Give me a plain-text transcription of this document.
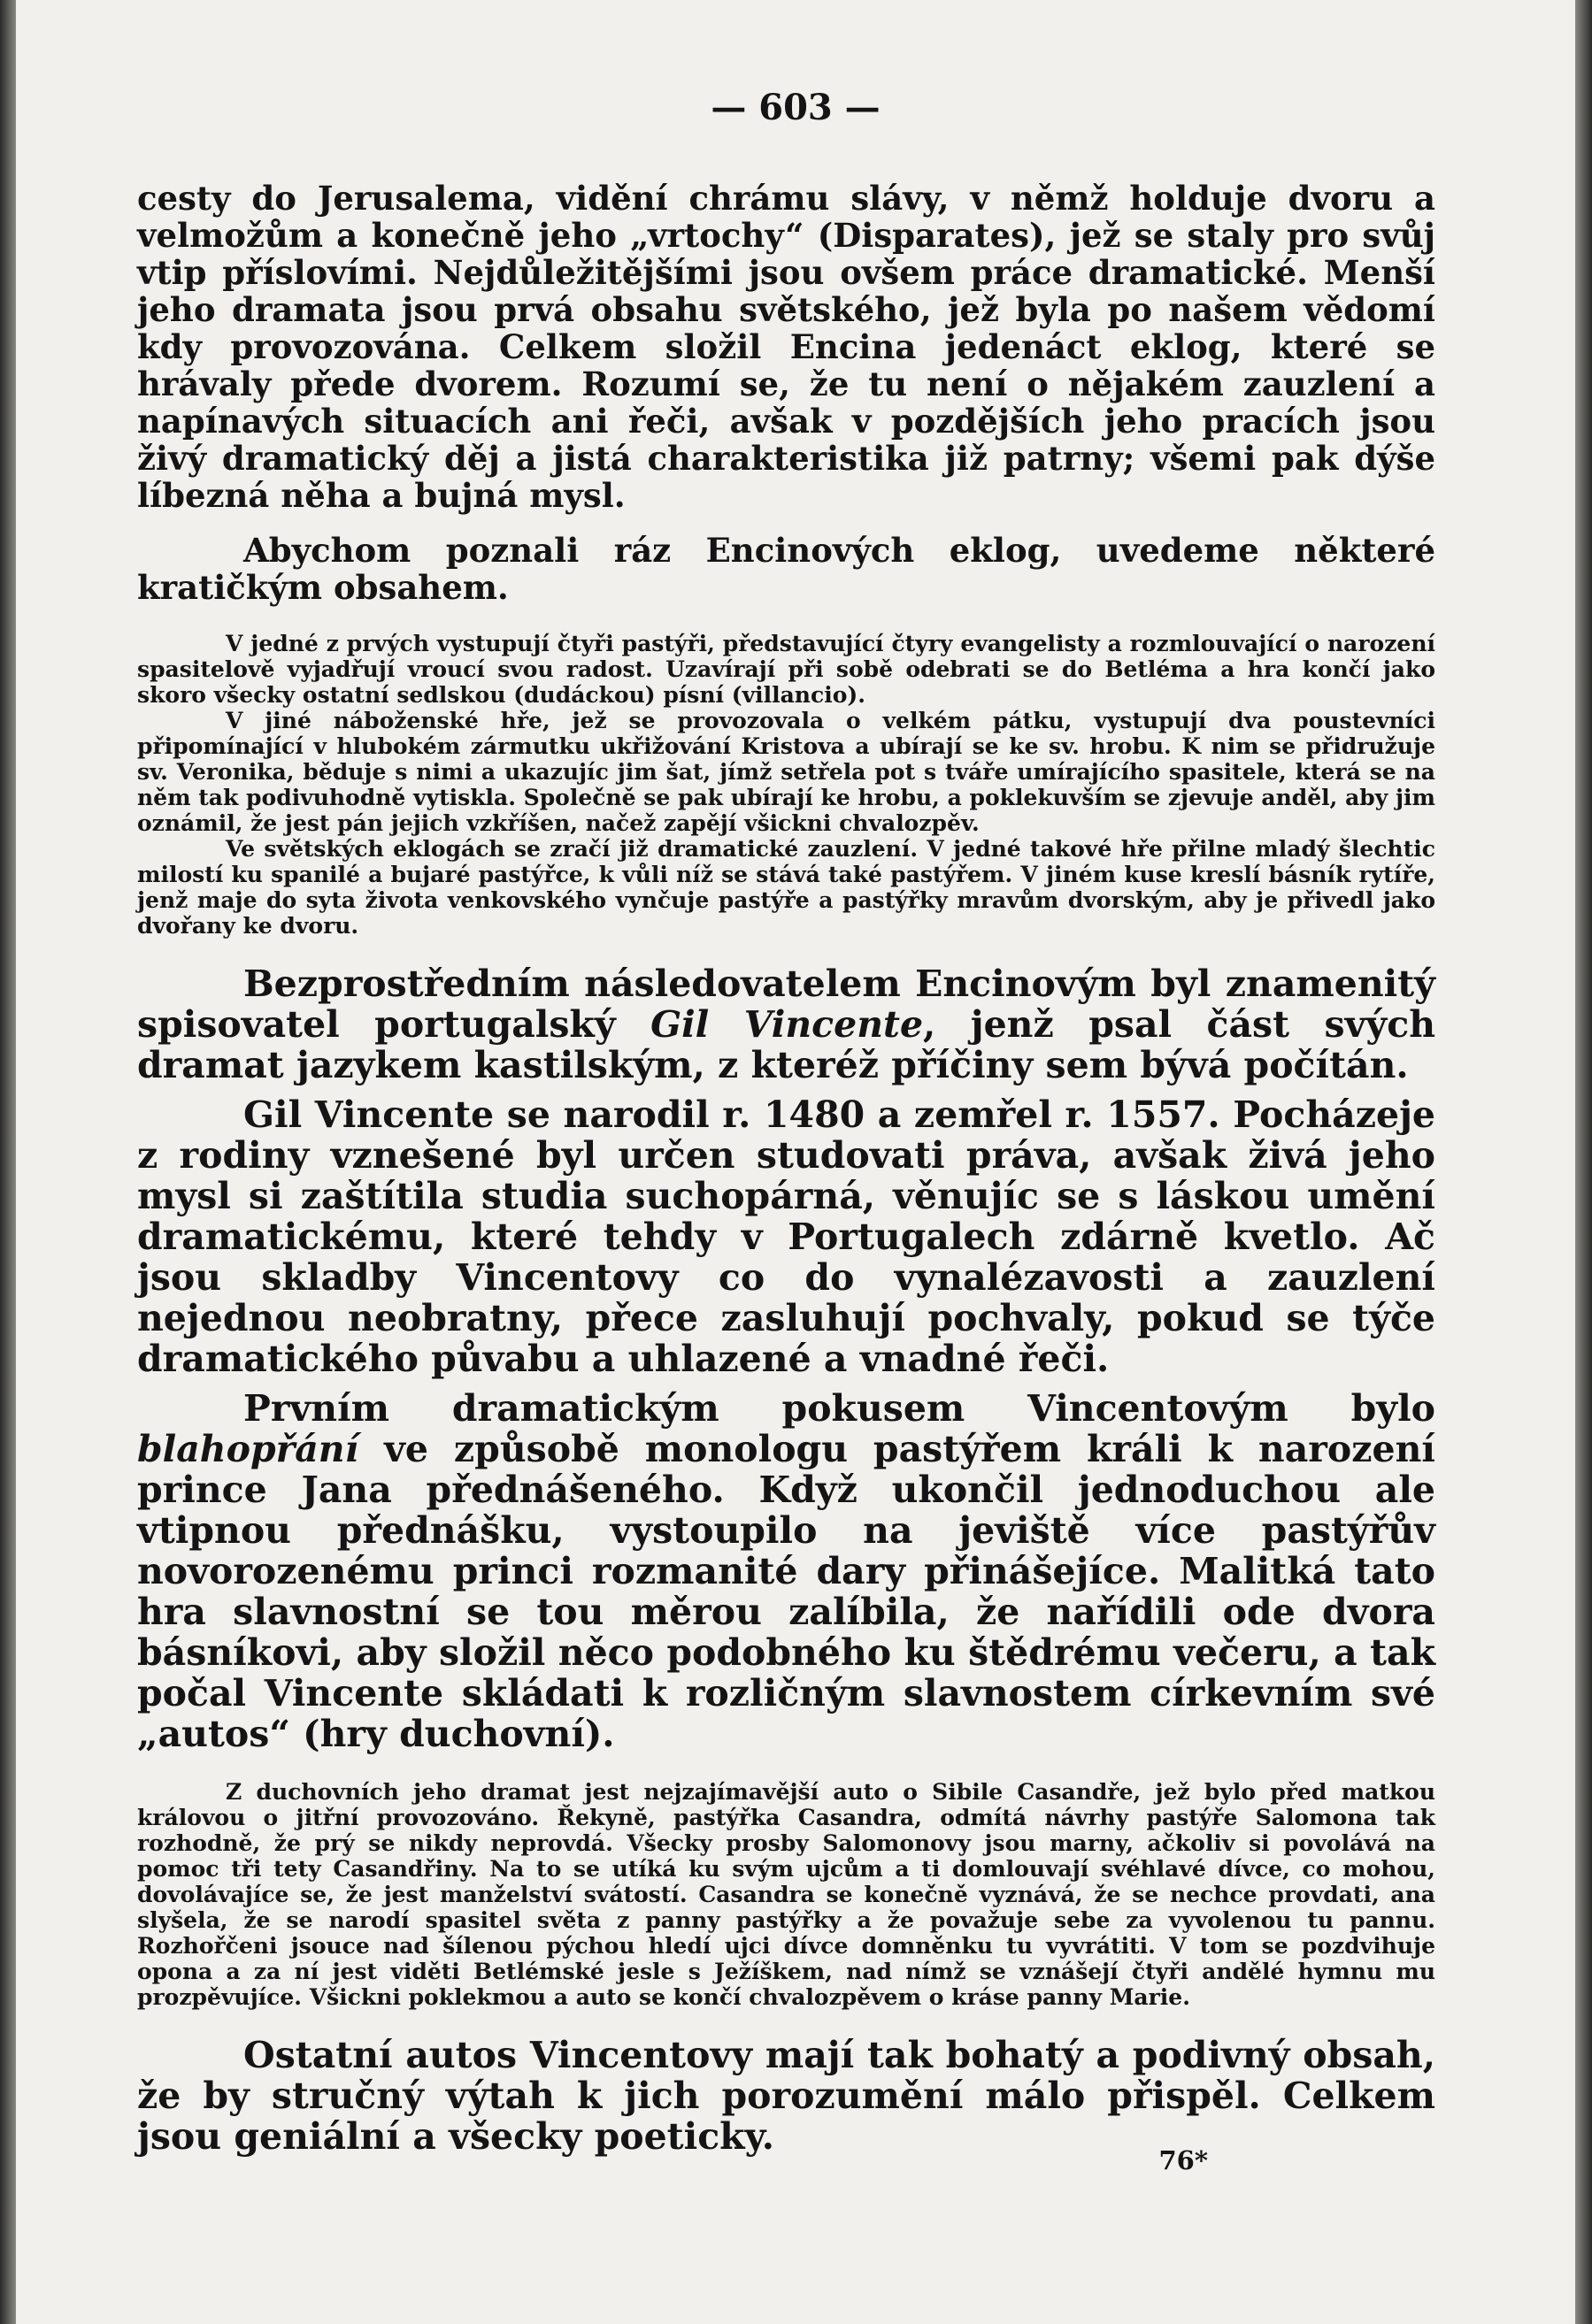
— 603 —

cesty do Jerusalema, vidění chrámu slávy, v němž holduje dvoru a velmožům a konečně jeho „vrtochy“ (Disparates), jež se staly pro svůj vtip příslovími. Nejdůležitějšími jsou ovšem práce dramatické. Menší jeho dramata jsou prvá obsahu světského, jež byla po našem vědomí kdy provozována. Celkem složil Encina jedenáct eklog, které se hrávaly přede dvorem. Rozumí se, že tu není o nějakém zauzlení a napínavých situacích ani řeči, avšak v pozdějších jeho pracích jsou živý dramatický děj a jistá charakteristika již patrny; všemi pak dýše líbezná něha a bujná mysl.

Abychom poznali ráz Encinových eklog, uvedeme některé kratičkým obsahem.

V jedné z prvých vystupují čtyři pastýři, představující čtyry evangelisty a rozmlouvající o narození spasitelově vyjadřují vroucí svou radost. Uzavírají při sobě odebrati se do Betléma a hra končí jako skoro všecky ostatní sedlskou (dudáckou) písní (villancio).

V jiné náboženské hře, jež se provozovala o velkém pátku, vystupují dva poustevníci připomínající v hlubokém zármutku ukřižování Kristova a ubírají se ke sv. hrobu. K nim se přidružuje sv. Veronika, běduje s nimi a ukazujíc jim šat, jímž setřela pot s tváře umírajícího spasitele, která se na něm tak podivuhodně vytiskla. Společně se pak ubírají ke hrobu, a poklekuvším se zjevuje anděl, aby jim oznámil, že jest pán jejich vzkříšen, načež zapějí všickni chvalozpěv.

Ve světských eklogách se zračí již dramatické zauzlení. V jedné takové hře přilne mladý šlechtic milostí ku spanilé a bujaré pastýřce, k vůli níž se stává také pastýřem. V jiném kuse kreslí básník rytíře, jenž maje do syta života venkovského vynčuje pastýře a pastýřky mravům dvorským, aby je přivedl jako dvořany ke dvoru.

Bezprostředním následovatelem Encinovým byl znamenitý spisovatel portugalský Gil Vincente, jenž psal část svých dramat jazykem kastilským, z kteréž příčiny sem bývá počítán.

Gil Vincente se narodil r. 1480 a zemřel r. 1557. Pocházeje z rodiny vznešené byl určen studovati práva, avšak živá jeho mysl si zaštítila studia suchopárná, věnujíc se s láskou umění dramatickému, které tehdy v Portugalech zdárně kvetlo. Ač jsou skladby Vincentovy co do vynalézavosti a zauzlení nejednou neobratny, přece zasluhují pochvaly, pokud se týče dramatického půvabu a uhlazené a vnadné řeči.

Prvním dramatickým pokusem Vincentovým bylo blahopřání ve způsobě monologu pastýřem králi k narození prince Jana přednášeného. Když ukončil jednoduchou ale vtipnou přednášku, vystoupilo na jeviště více pastýřův novorozenému princi rozmanité dary přinášejíce. Malitká tato hra slavnostní se tou měrou zalíbila, že nařídili ode dvora básníkovi, aby složil něco podobného ku štědrému večeru, a tak počal Vincente skládati k rozličným slavnostem církevním své „autos“ (hry duchovní).

Z duchovních jeho dramat jest nejzajímavější auto o Sibile Casandře, jež bylo před matkou královou o jitřní provozováno. Řekyně, pastýřka Casandra, odmítá návrhy pastýře Salomona tak rozhodně, že prý se nikdy neprovdá. Všecky prosby Salomonovy jsou marny, ačkoliv si povolává na pomoc tři tety Casandřiny. Na to se utíká ku svým ujcům a ti domlouvají svéhlavé dívce, co mohou, dovolávajíce se, že jest manželství svátostí. Casandra se konečně vyznává, že se nechce provdati, ana slyšela, že se narodí spasitel světa z panny pastýřky a že považuje sebe za vyvolenou tu pannu. Rozhořčeni jsouce nad šílenou pýchou hledí ujci dívce domněnku tu vyvrátiti. V tom se pozdvihuje opona a za ní jest viděti Betlémské jesle s Ježíškem, nad nímž se vznášejí čtyři andělé hymnu mu prozpěvujíce. Všickni poklekmou a auto se končí chvalozpěvem o kráse panny Marie.

Ostatní autos Vincentovy mají tak bohatý a podivný obsah, že by stručný výtah k jich porozumění málo přispěl. Celkem jsou geniální a všecky poeticky.

76*
